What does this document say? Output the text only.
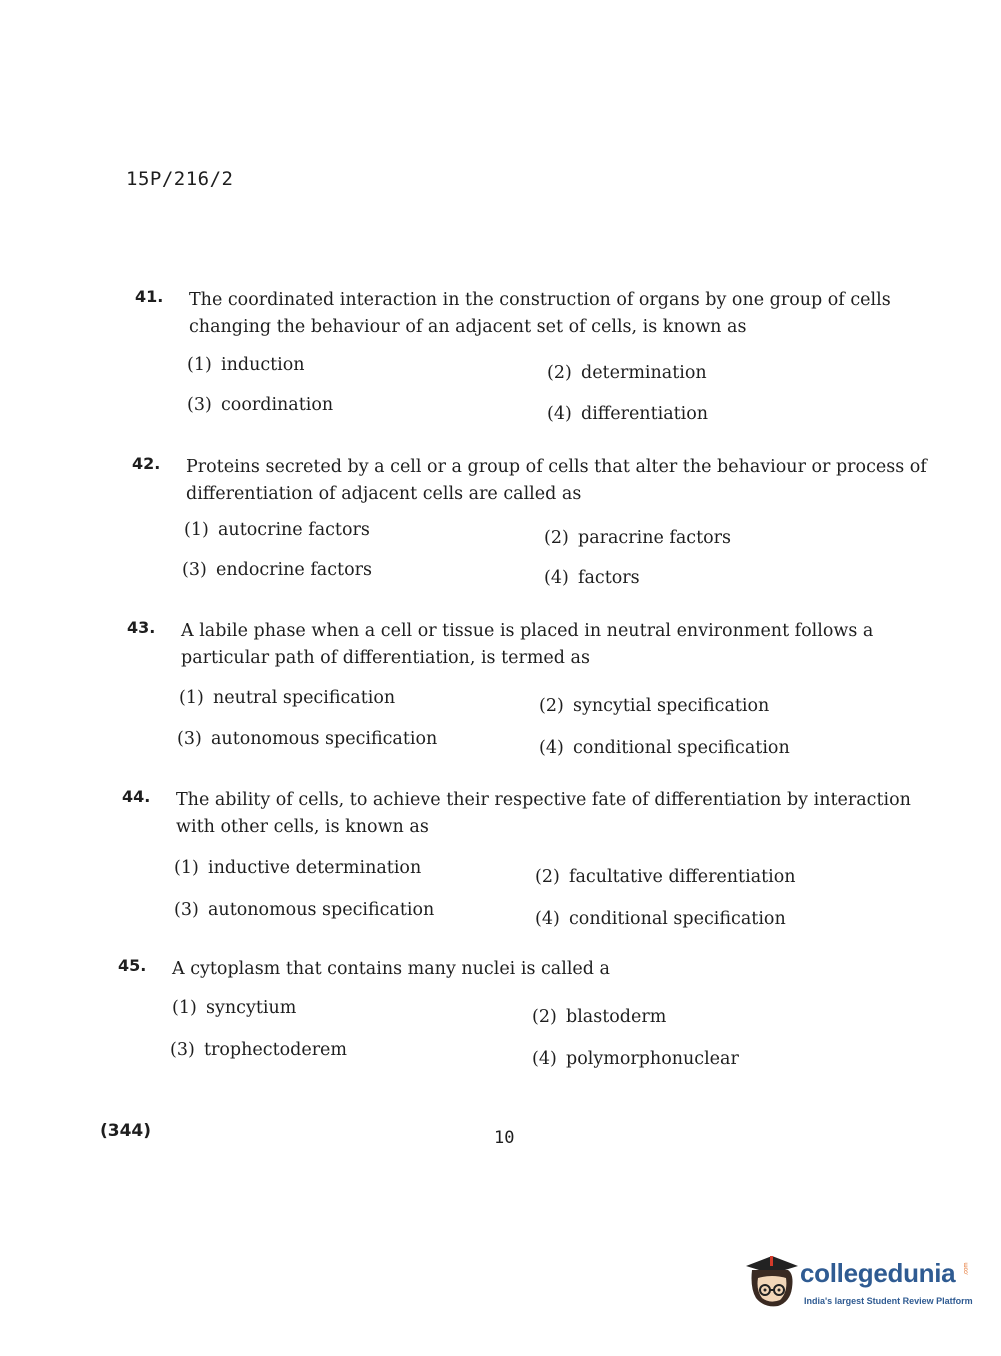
15P/216/2
41. The coordinated interaction in the construction of organs by one group of cells changing the behaviour of an adjacent set of cells, is known as
(1) induction	(2) determination
(3) coordination	(4) differentiation
42. Proteins secreted by a cell or a group of cells that alter the behaviour or process of differentiation of adjacent cells are called as
(1) autocrine factors	(2) paracrine factors
(3) endocrine factors	(4) factors
43. A labile phase when a cell or tissue is placed in neutral environment follows a particular path of differentiation, is termed as
(1) neutral specification	(2) syncytial specification
(3) autonomous specification	(4) conditional specification
44. The ability of cells, to achieve their respective fate of differentiation by interaction with other cells, is known as
(1) inductive determination	(2) facultative differentiation
(3) autonomous specification	(4) conditional specification
45. A cytoplasm that contains many nuclei is called a
(1) syncytium	(2) blastoderm
(3) trophectoderem	(4) polymorphonuclear
(344)	10
collegedunia .com
India's largest Student Review Platform
